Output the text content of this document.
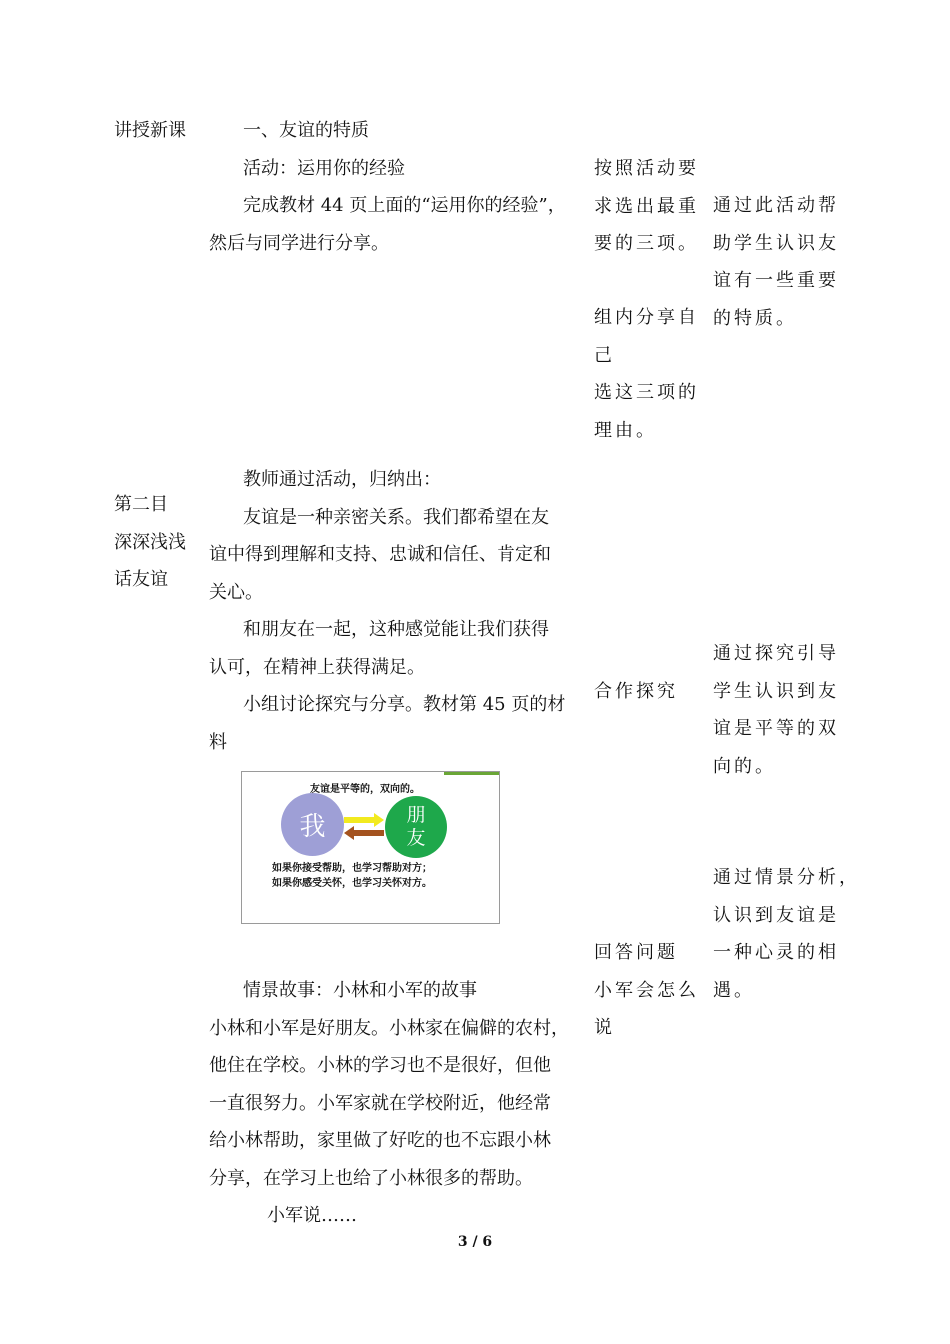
讲授新课
第二目
深深浅浅
话友谊
一、友谊的特质
活动：运用你的经验
完成教材 44 页上面的“运用你的经验”，
然后与同学进行分享。
教师通过活动，归纳出：
友谊是一种亲密关系。我们都希望在友
谊中得到理解和支持、忠诚和信任、肯定和
关心。
和朋友在一起，这种感觉能让我们获得
认可，在精神上获得满足。
小组讨论探究与分享。教材第 45 页的材
料
友谊是平等的，双向的。
我	朋
友
如果你接受帮助，也学习帮助对方；
如果你感受关怀，也学习关怀对方。
情景故事：小林和小军的故事
小林和小军是好朋友。小林家在偏僻的农村，
他住在学校。小林的学习也不是很好，但他
一直很努力。小军家就在学校附近，他经常
给小林帮助，家里做了好吃的也不忘跟小林
分享，在学习上也给了小林很多的帮助。
小军说……
按照活动要
求选出最重
要的三项。
组内分享自
己
选这三项的
理由。
合作探究
回答问题
小军会怎么
说
通过此活动帮
助学生认识友
谊有一些重要
的特质。
通过探究引导
学生认识到友
谊是平等的双
向的。
通过情景分析，
认识到友谊是
一种心灵的相
遇。
3 / 6
